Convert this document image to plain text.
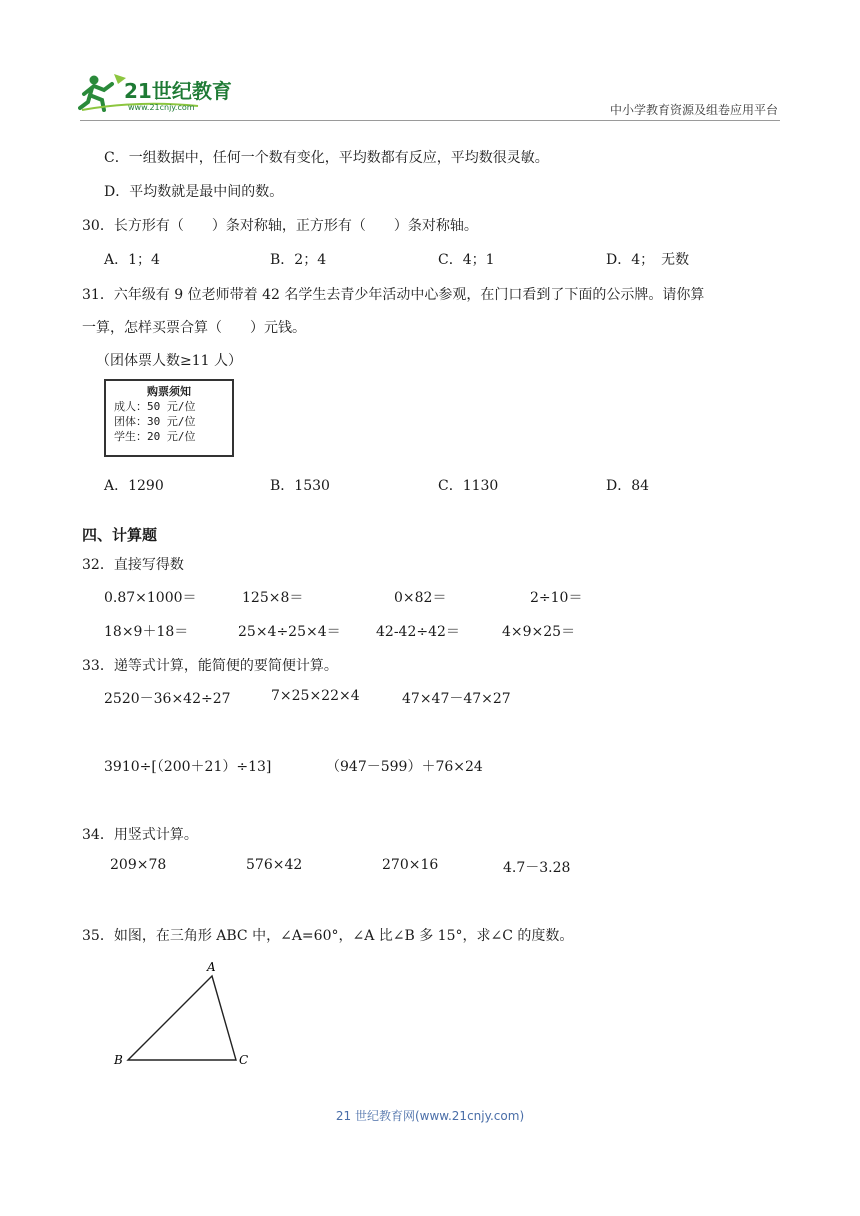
21世纪教育
www.21cnjy.com	中小学教育资源及组卷应用平台
C．一组数据中，任何一个数有变化，平均数都有反应，平均数很灵敏。
D．平均数就是最中间的数。
30．长方形有（　　）条对称轴，正方形有（　　）条对称轴。
A．1；4	B．2；4	C．4；1	D．4；　无数
31．六年级有 9 位老师带着 42 名学生去青少年活动中心参观，在门口看到了下面的公示牌。请你算
一算，怎样买票合算（　　）元钱。
（团体票人数≥11 人）
购票须知
成人：50 元/位
团体：30 元/位
学生：20 元/位
A．1290	B．1530	C．1130	D．84
四、计算题
32．直接写得数
0.87×1000＝	125×8＝	0×82＝	2÷10＝
18×9＋18＝	25×4÷25×4＝	42-42÷42＝	4×9×25＝
33．递等式计算，能简便的要简便计算。
2520－36×42÷27	7×25×22×4	47×47－47×27
3910÷[（200＋21）÷13]	（947－599）＋76×24
34．用竖式计算。
209×78	576×42	270×16	4.7－3.28
35．如图，在三角形 ABC 中，∠A=60°，∠A 比∠B 多 15°，求∠C 的度数。
A
B	C
21 世纪教育网(www.21cnjy.com)
